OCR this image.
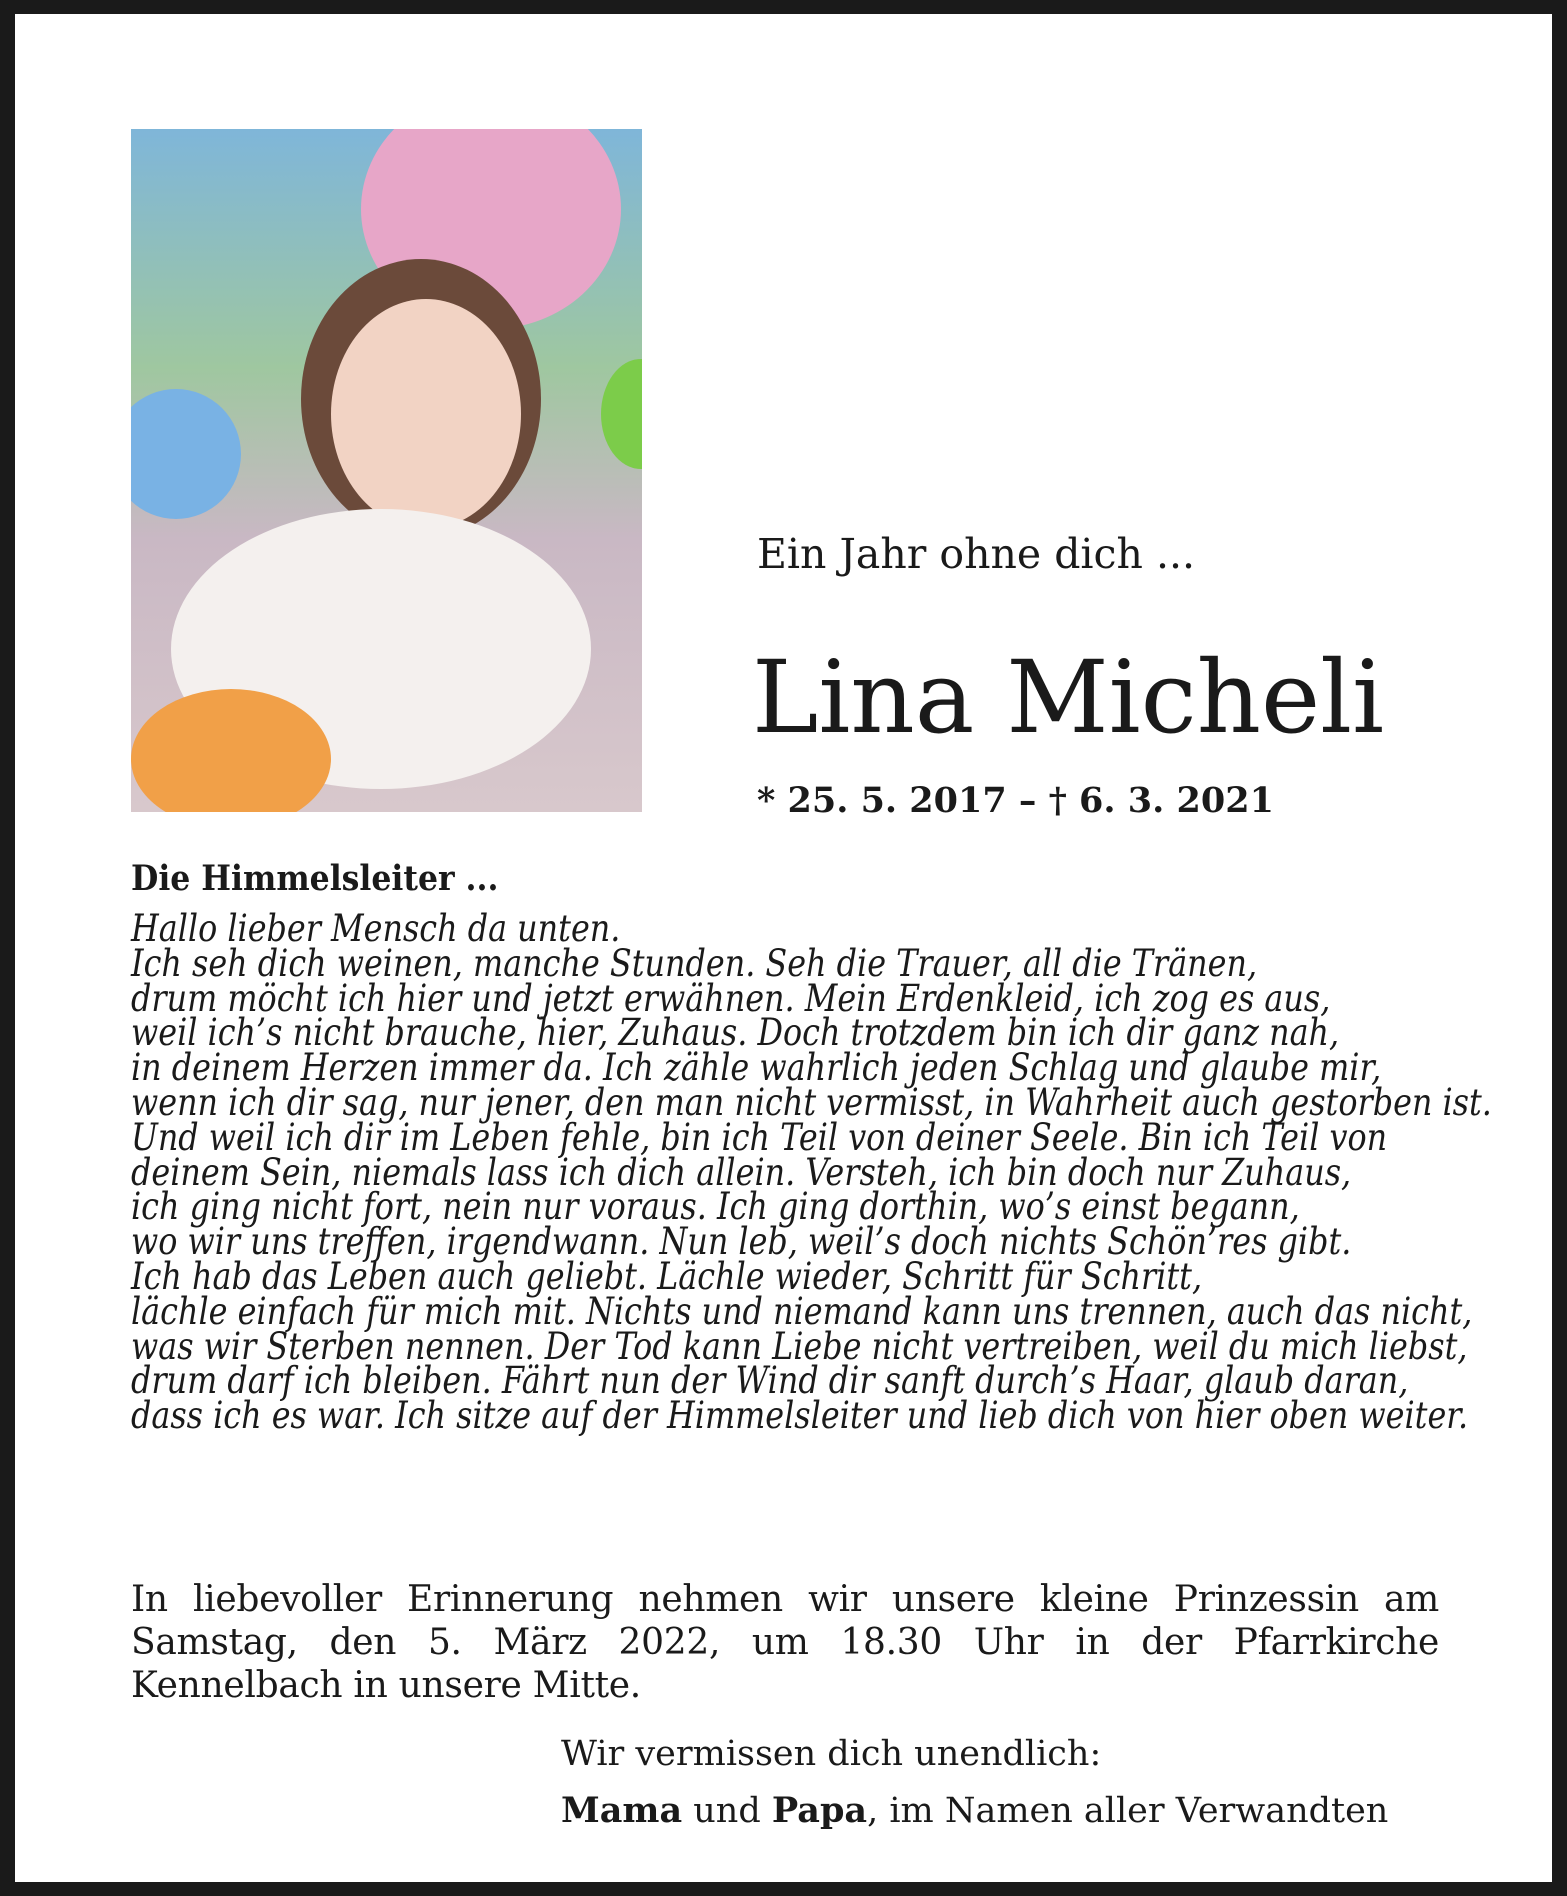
Ein Jahr ohne dich ...
Lina Micheli
* 25. 5. 2017 – † 6. 3. 2021
Die Himmelsleiter ...
Hallo lieber Mensch da unten.
Ich seh dich weinen, manche Stunden. Seh die Trauer, all die Tränen,
drum möcht ich hier und jetzt erwähnen. Mein Erdenkleid, ich zog es aus,
weil ich’s nicht brauche, hier, Zuhaus. Doch trotzdem bin ich dir ganz nah,
in deinem Herzen immer da. Ich zähle wahrlich jeden Schlag und glaube mir,
wenn ich dir sag, nur jener, den man nicht vermisst, in Wahrheit auch gestorben ist.
Und weil ich dir im Leben fehle, bin ich Teil von deiner Seele. Bin ich Teil von
deinem Sein, niemals lass ich dich allein. Versteh, ich bin doch nur Zuhaus,
ich ging nicht fort, nein nur voraus. Ich ging dorthin, wo’s einst begann,
wo wir uns treffen, irgendwann. Nun leb, weil’s doch nichts Schön’res gibt.
Ich hab das Leben auch geliebt. Lächle wieder, Schritt für Schritt,
lächle einfach für mich mit. Nichts und niemand kann uns trennen, auch das nicht,
was wir Sterben nennen. Der Tod kann Liebe nicht vertreiben, weil du mich liebst,
drum darf ich bleiben. Fährt nun der Wind dir sanft durch’s Haar, glaub daran,
dass ich es war. Ich sitze auf der Himmelsleiter und lieb dich von hier oben weiter.
In liebevoller Erinnerung nehmen wir unsere kleine Prinzessin am Samstag, den 5. März 2022, um 18.30 Uhr in der Pfarrkirche Kennelbach in unsere Mitte.
Wir vermissen dich unendlich:
Mama und Papa, im Namen aller Verwandten
